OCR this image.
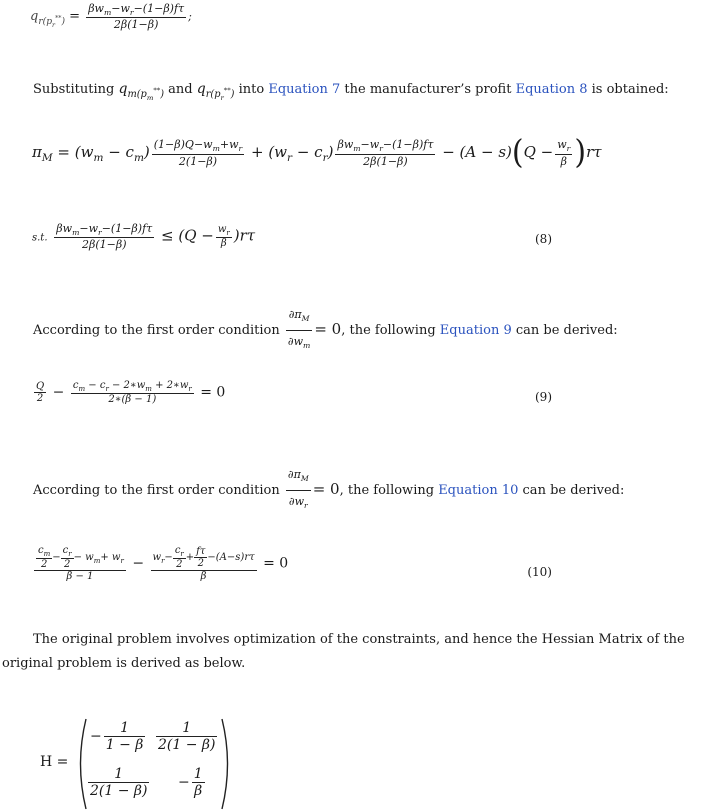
$q_{r(p_r^{**})} = \frac{\beta w_m-w_r-(1-\beta)f\tau}{2\beta(1-\beta)}$ ;
Substituting $q_{m(p_m^{**})}$ and $q_{r(p_r^{**})}$ into Equation 7 the manufacturer’s profit Equation 8 is obtained:
$\pi_M = (w_m - c_m) \frac{(1-\beta)Q-w_m+w_r}{2(1-\beta)} + (w_r - c_r) \frac{\beta w_m-w_r-(1-\beta)f\tau}{2\beta(1-\beta)} - (A - s)(Q - \frac{w_r}{\beta} )r\tau$
s.t. $\frac{\beta w_m-w_r-(1-\beta)f\tau}{2\beta(1-\beta)} \le (Q - \frac{w_r}{\beta} )r\tau$	(8)
According to the first order condition $\frac{\partial\pi_M}{\partial w_m} = 0$, the following Equation 9 can be derived:
$\frac{Q}{2} - \frac{c_m - c_r - 2∗w_m + 2∗w_r}{2∗(\beta - 1)} = 0$	(9)
According to the first order condition $\frac{\partial\pi_M}{\partial w_r} = 0$, the following Equation 10 can be derived:
$\frac{\frac{c_m}{2} - \frac{c_r}{2} - w_m+ w_r}{\beta - 1} - \frac{w_r- \frac{c_r}{2} + \frac{f\tau}{2} -(A-s)r\tau}{\beta} = 0$
(10)
The original problem involves optimization of the constraints, and hence the Hessian Matrix of the original problem is derived as below.
H =
− $\frac{1}{1 - \beta} \frac{1}{2(1 - \beta)}$
$\frac{1}{2(1 - \beta)} - \frac{1}{\beta}$
